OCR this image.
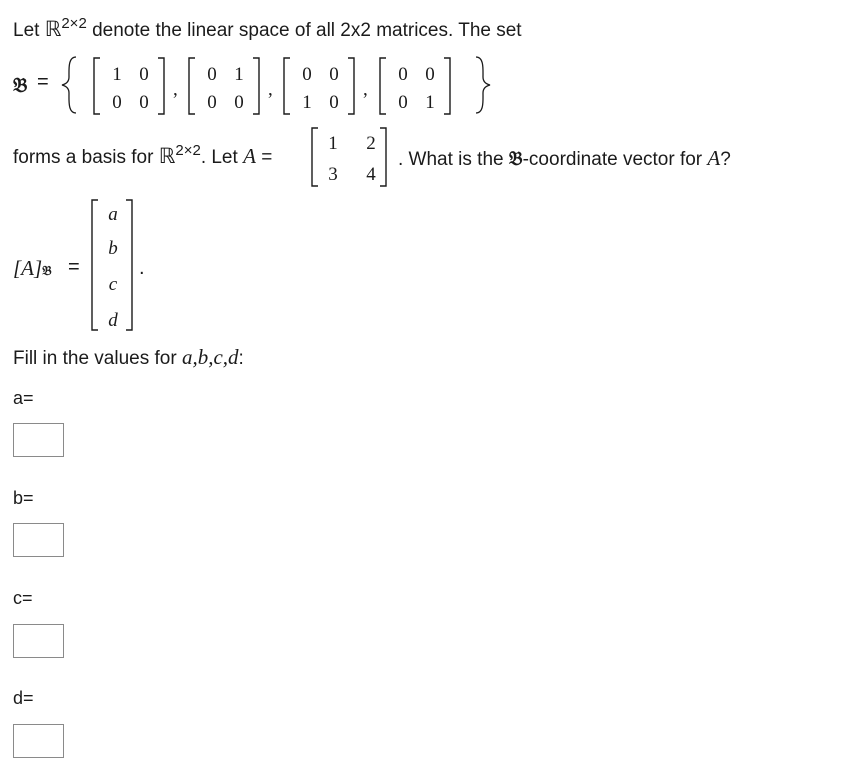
Let ℝ$^{2\times 2}$ denote the linear space of all 2x2 matrices. The set
𝔅 =	1 0
0 0
,
0 1
0 0
,
0 0
1 0
,
0 0
0 1
forms a basis for ℝ$^{2\times 2}$. Let A =
1 2
3 4
. What is the 𝔅-coordinate vector for A?
[A]𝔅 =
a
b
c
d
.
Fill in the values for a,b,c,d:
a=
b=
c=
d=
